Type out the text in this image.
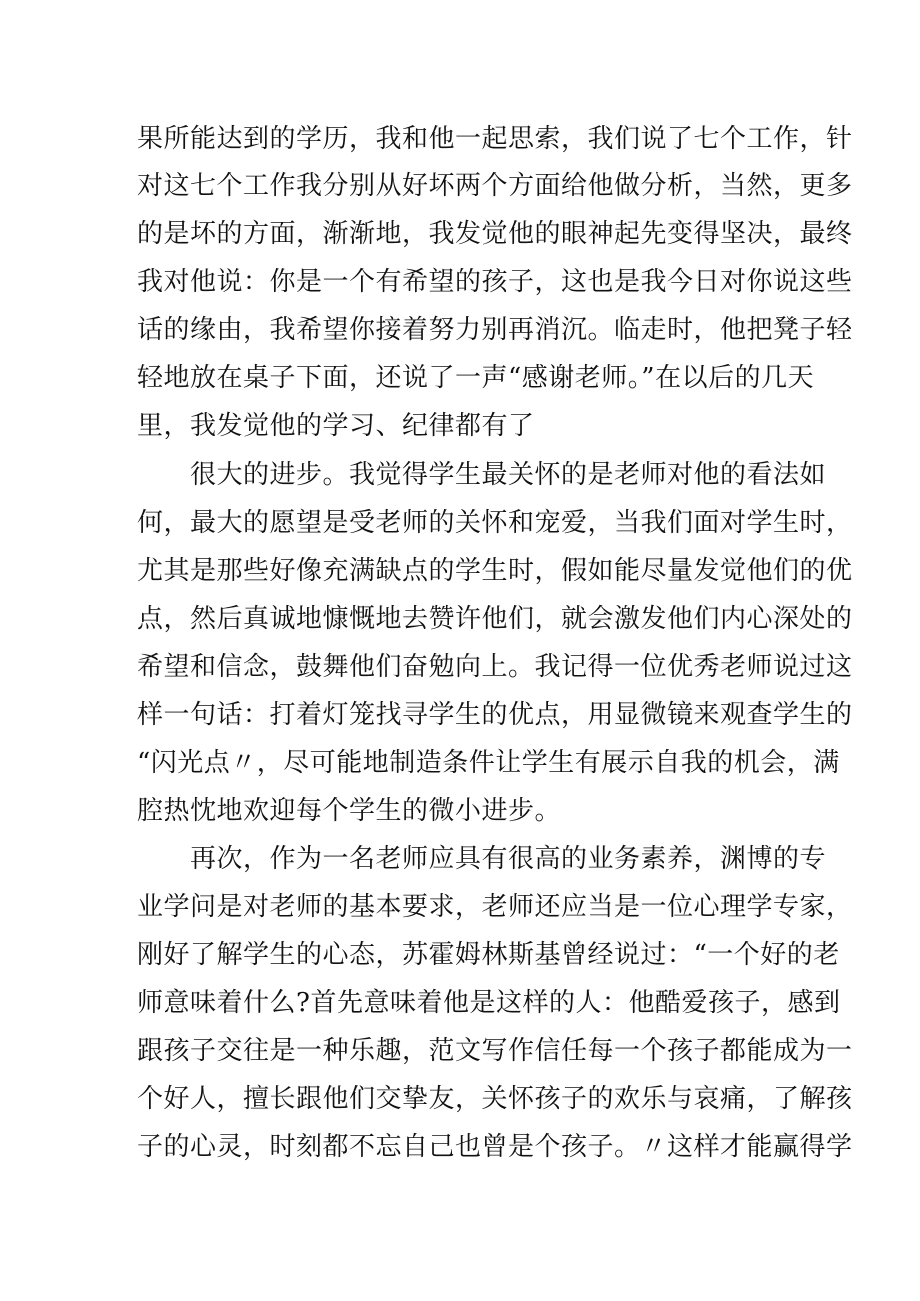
果所能达到的学历，我和他一起思索，我们说了七个工作，针
对这七个工作我分别从好坏两个方面给他做分析，当然，更多
的是坏的方面，渐渐地，我发觉他的眼神起先变得坚决，最终
我对他说：你是一个有希望的孩子，这也是我今日对你说这些
话的缘由，我希望你接着努力别再消沉。临走时，他把凳子轻
轻地放在桌子下面，还说了一声“感谢老师。”在以后的几天
里，我发觉他的学习、纪律都有了
很大的进步。我觉得学生最关怀的是老师对他的看法如
何，最大的愿望是受老师的关怀和宠爱，当我们面对学生时，
尤其是那些好像充满缺点的学生时，假如能尽量发觉他们的优
点，然后真诚地慷慨地去赞许他们，就会激发他们内心深处的
希望和信念，鼓舞他们奋勉向上。我记得一位优秀老师说过这
样一句话：打着灯笼找寻学生的优点，用显微镜来观查学生的
“闪光点〃，尽可能地制造条件让学生有展示自我的机会，满
腔热忱地欢迎每个学生的微小进步。
再次，作为一名老师应具有很高的业务素养，渊博的专
业学问是对老师的基本要求，老师还应当是一位心理学专家，
刚好了解学生的心态，苏霍姆林斯基曾经说过：“一个好的老
师意味着什么?首先意味着他是这样的人：他酷爱孩子，感到
跟孩子交往是一种乐趣，范文写作信任每一个孩子都能成为一
个好人，擅长跟他们交挚友，关怀孩子的欢乐与哀痛，了解孩
子的心灵，时刻都不忘自己也曾是个孩子。〃这样才能赢得学
